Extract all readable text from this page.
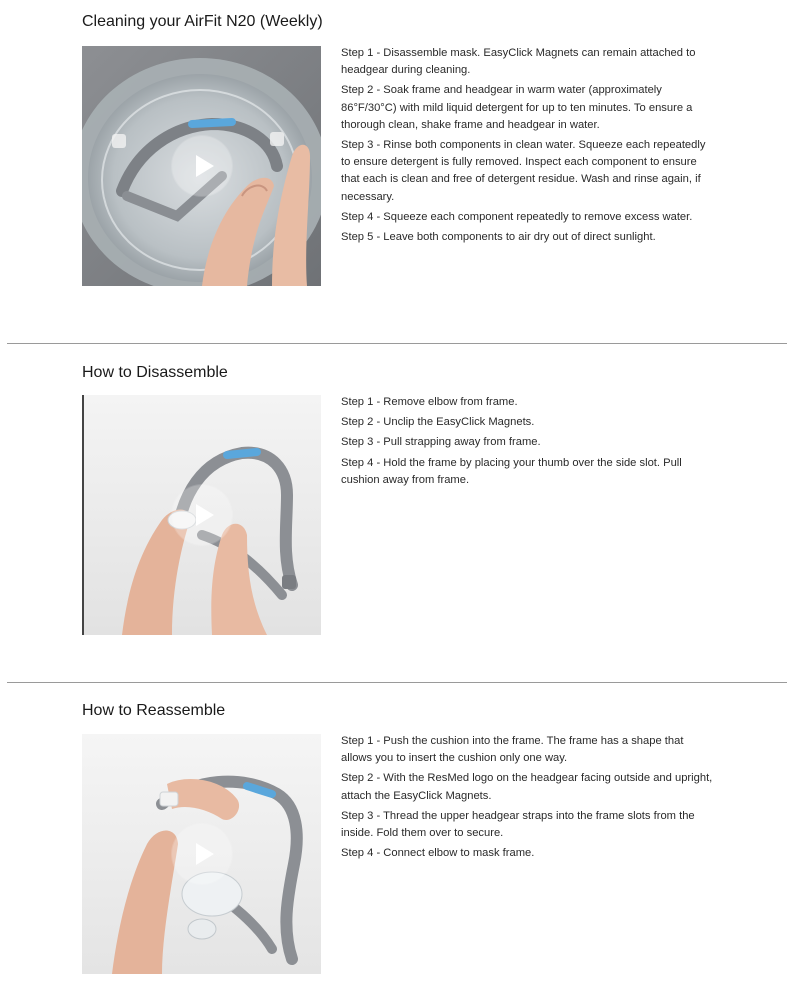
Cleaning your AirFit N20 (Weekly)
Step 1 - Disassemble mask. EasyClick Magnets can remain attached to headgear during cleaning.
Step 2 - Soak frame and headgear in warm water (approximately 86°F/30°C) with mild liquid detergent for up to ten minutes. To ensure a thorough clean, shake frame and headgear in water.
Step 3 - Rinse both components in clean water. Squeeze each repeatedly to ensure detergent is fully removed. Inspect each component to ensure that each is clean and free of detergent residue. Wash and rinse again, if necessary.
Step 4 - Squeeze each component repeatedly to remove excess water.
Step 5 - Leave both components to air dry out of direct sunlight.
How to Disassemble
Step 1 - Remove elbow from frame.
Step 2 - Unclip the EasyClick Magnets.
Step 3 - Pull strapping away from frame.
Step 4 - Hold the frame by placing your thumb over the side slot. Pull cushion away from frame.
How to Reassemble
Step 1 - Push the cushion into the frame. The frame has a shape that allows you to insert the cushion only one way.
Step 2 - With the ResMed logo on the headgear facing outside and upright, attach the EasyClick Magnets.
Step 3 - Thread the upper headgear straps into the frame slots from the inside. Fold them over to secure.
Step 4 - Connect elbow to mask frame.
